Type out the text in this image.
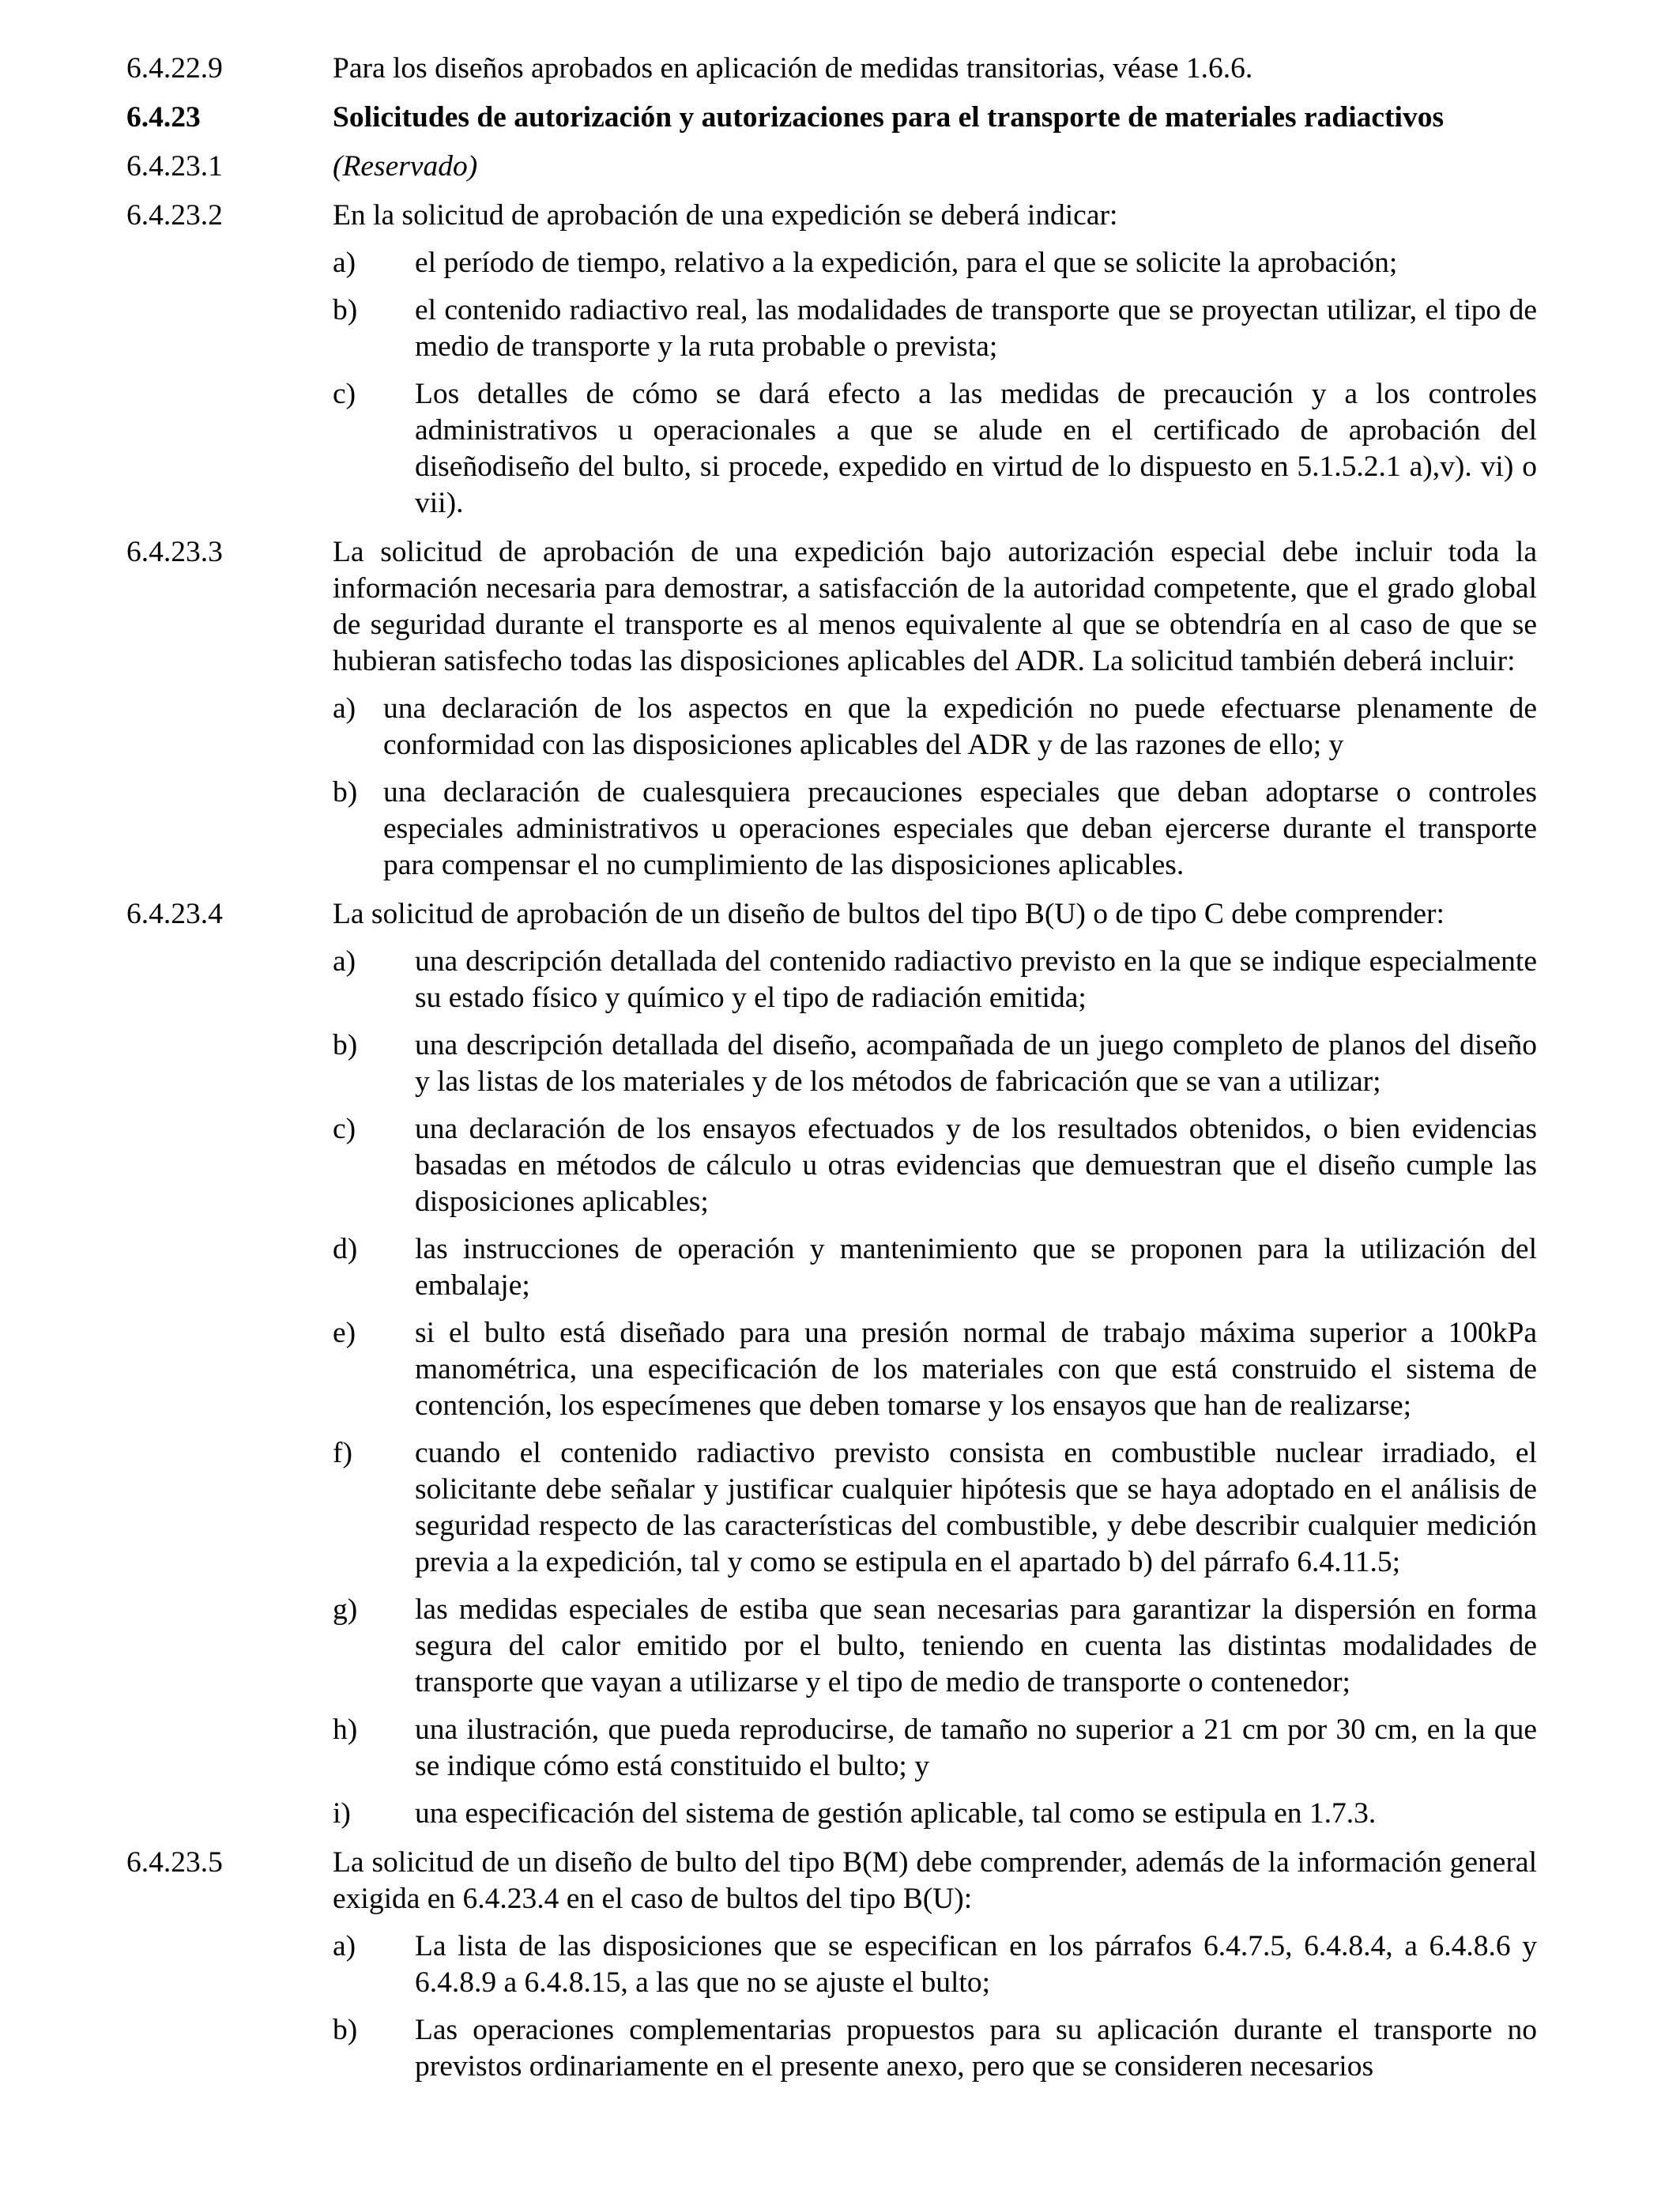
6.4.22.9	Para los diseños aprobados en aplicación de medidas transitorias, véase 1.6.6.
6.4.23	Solicitudes de autorización y autorizaciones para el transporte de materiales radiactivos
6.4.23.1	(Reservado)
6.4.23.2	En la solicitud de aprobación de una expedición se deberá indicar:
a) el período de tiempo, relativo a la expedición, para el que se solicite la aprobación;
b) el contenido radiactivo real, las modalidades de transporte que se proyectan utilizar, el tipo de medio de transporte y la ruta probable o prevista;
c) Los detalles de cómo se dará efecto a las medidas de precaución y a los controles administrativos u operacionales a que se alude en el certificado de aprobación del diseñodiseño del bulto, si procede, expedido en virtud de lo dispuesto en 5.1.5.2.1 a),v). vi) o vii).
6.4.23.3	La solicitud de aprobación de una expedición bajo autorización especial debe incluir toda la información necesaria para demostrar, a satisfacción de la autoridad competente, que el grado global de seguridad durante el transporte es al menos equivalente al que se obtendría en al caso de que se hubieran satisfecho todas las disposiciones aplicables del ADR. La solicitud también deberá incluir:
a) una declaración de los aspectos en que la expedición no puede efectuarse plenamente de conformidad con las disposiciones aplicables del ADR y de las razones de ello; y
b) una declaración de cualesquiera precauciones especiales que deban adoptarse o controles especiales administrativos u operaciones especiales que deban ejercerse durante el transporte para compensar el no cumplimiento de las disposiciones aplicables.
6.4.23.4	La solicitud de aprobación de un diseño de bultos del tipo B(U) o de tipo C debe comprender:
a) una descripción detallada del contenido radiactivo previsto en la que se indique especialmente su estado físico y químico y el tipo de radiación emitida;
b) una descripción detallada del diseño, acompañada de un juego completo de planos del diseño y las listas de los materiales y de los métodos de fabricación que se van a utilizar;
c) una declaración de los ensayos efectuados y de los resultados obtenidos, o bien evidencias basadas en métodos de cálculo u otras evidencias que demuestran que el diseño cumple las disposiciones aplicables;
d) las instrucciones de operación y mantenimiento que se proponen para la utilización del embalaje;
e) si el bulto está diseñado para una presión normal de trabajo máxima superior a 100kPa manométrica, una especificación de los materiales con que está construido el sistema de contención, los especímenes que deben tomarse y los ensayos que han de realizarse;
f) cuando el contenido radiactivo previsto consista en combustible nuclear irradiado, el solicitante debe señalar y justificar cualquier hipótesis que se haya adoptado en el análisis de seguridad respecto de las características del combustible, y debe describir cualquier medición previa a la expedición, tal y como se estipula en el apartado b) del párrafo 6.4.11.5;
g) las medidas especiales de estiba que sean necesarias para garantizar la dispersión en forma segura del calor emitido por el bulto, teniendo en cuenta las distintas modalidades de transporte que vayan a utilizarse y el tipo de medio de transporte o contenedor;
h) una ilustración, que pueda reproducirse, de tamaño no superior a 21 cm por 30 cm, en la que se indique cómo está constituido el bulto; y
i) una especificación del sistema de gestión aplicable, tal como se estipula en 1.7.3.
6.4.23.5	La solicitud de un diseño de bulto del tipo B(M) debe comprender, además de la información general exigida en 6.4.23.4 en el caso de bultos del tipo B(U):
a) La lista de las disposiciones que se especifican en los párrafos 6.4.7.5, 6.4.8.4, a 6.4.8.6 y 6.4.8.9 a 6.4.8.15, a las que no se ajuste el bulto;
b) Las operaciones complementarias propuestos para su aplicación durante el transporte no previstos ordinariamente en el presente anexo, pero que se consideren necesarios
